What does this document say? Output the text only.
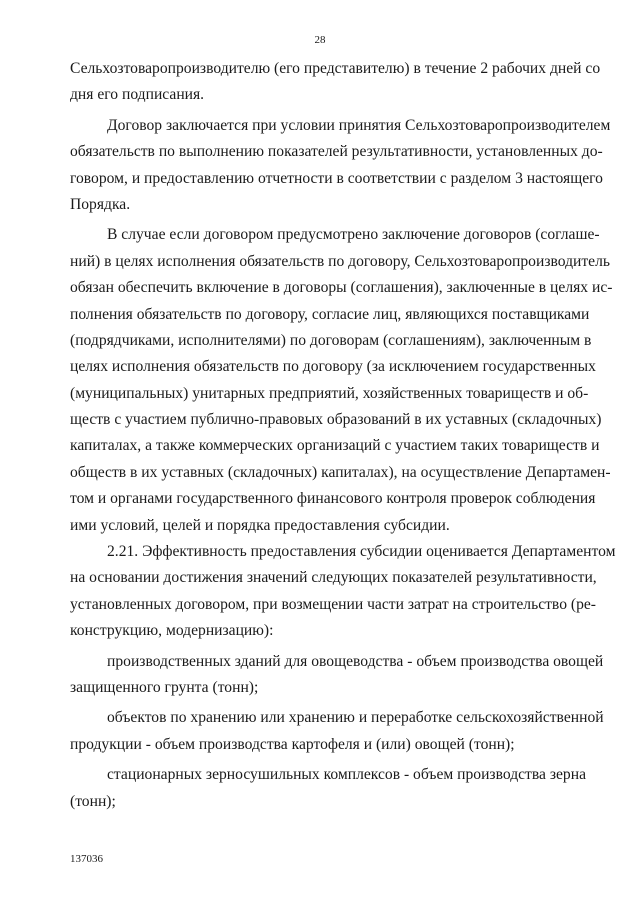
28
Сельхозтоваропроизводителю (его представителю) в течение 2 рабочих дней со
дня его подписания.
Договор заключается при условии принятия Сельхозтоваропроизводителем
обязательств по выполнению показателей результативности, установленных до-
говором, и предоставлению отчетности в соответствии с разделом 3 настоящего
Порядка.
В случае если договором предусмотрено заключение договоров (соглаше-
ний) в целях исполнения обязательств по договору, Сельхозтоваропроизводитель
обязан обеспечить включение в договоры (соглашения), заключенные в целях ис-
полнения обязательств по договору, согласие лиц, являющихся поставщиками
(подрядчиками, исполнителями) по договорам (соглашениям), заключенным в
целях исполнения обязательств по договору (за исключением государственных
(муниципальных) унитарных предприятий, хозяйственных товариществ и об-
ществ с участием публично-правовых образований в их уставных (складочных)
капиталах, а также коммерческих организаций с участием таких товариществ и
обществ в их уставных (складочных) капиталах), на осуществление Департамен-
том и органами государственного финансового контроля проверок соблюдения
ими условий, целей и порядка предоставления субсидии.
2.21. Эффективность предоставления субсидии оценивается Департаментом
на основании достижения значений следующих показателей результативности,
установленных договором, при возмещении части затрат на строительство (ре-
конструкцию, модернизацию):
производственных зданий для овощеводства - объем производства овощей
защищенного грунта (тонн);
объектов по хранению или хранению и переработке сельскохозяйственной
продукции - объем производства картофеля и (или) овощей (тонн);
стационарных зерносушильных комплексов - объем производства зерна
(тонн);
137036
